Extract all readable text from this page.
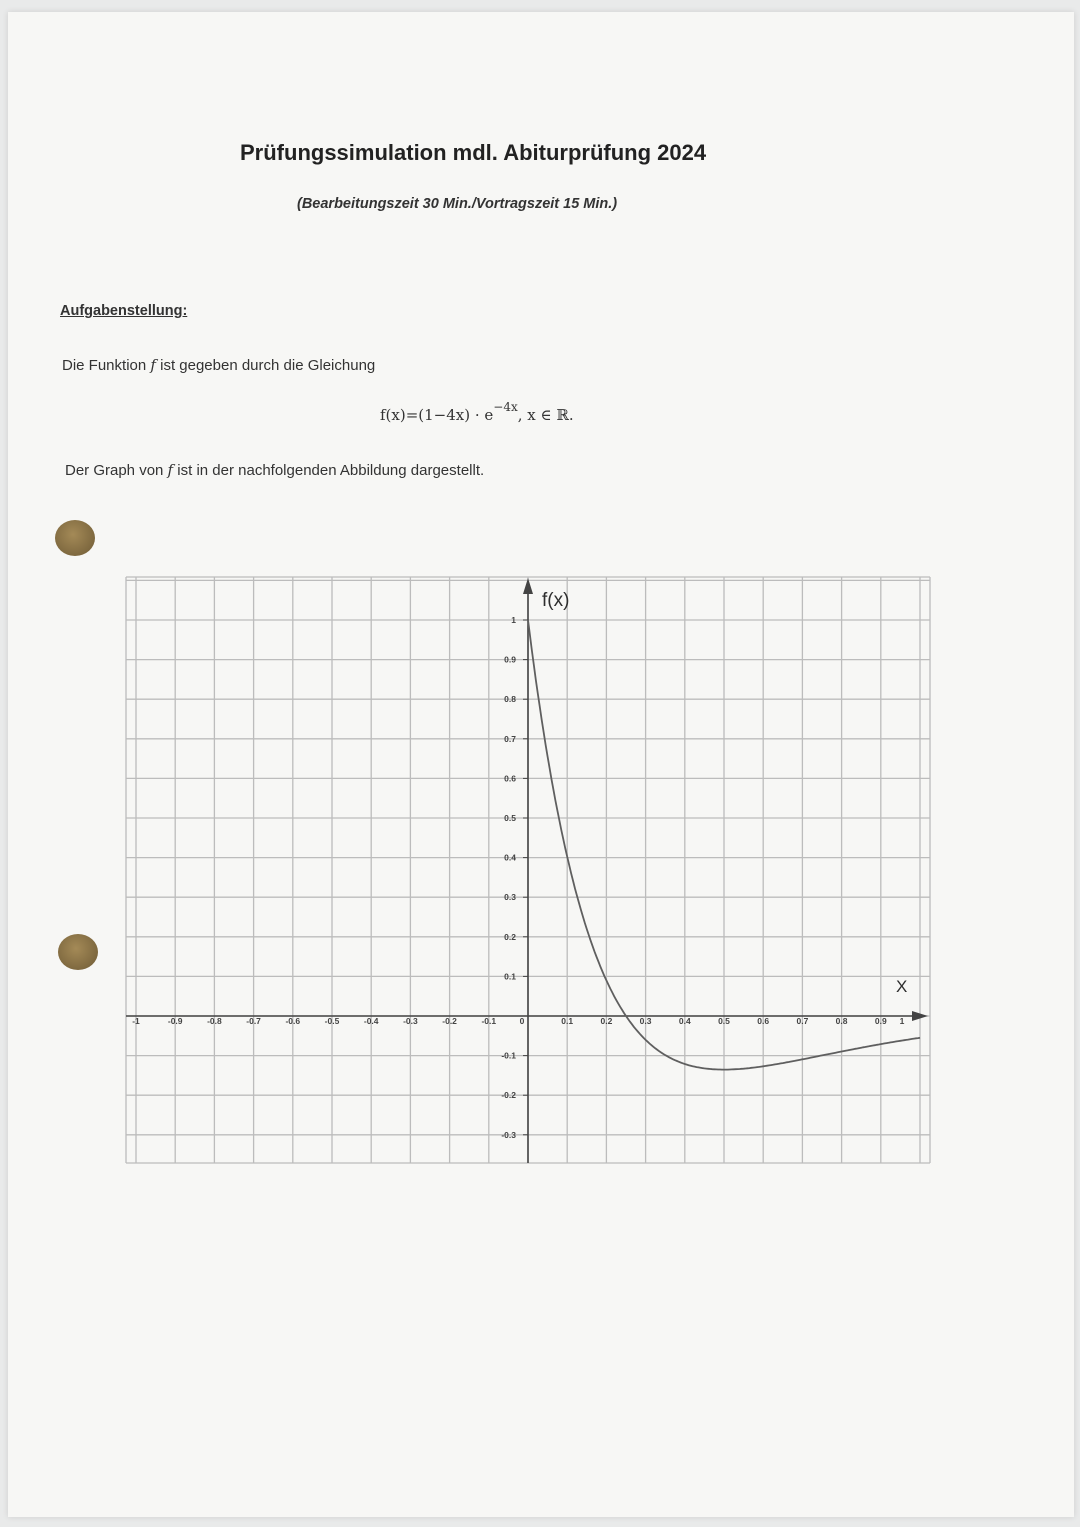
Prüfungssimulation mdl. Abiturprüfung 2024
(Bearbeitungszeit 30 Min./Vortragszeit 15 Min.)
Aufgabenstellung:
Die Funktion f ist gegeben durch die Gleichung
$f(x)=(1-4x) \cdot e^{-4x}$, x ∈ ℝ.
Der Graph von f ist in der nachfolgenden Abbildung dargestellt.
-1	-0.9	-0.8	-0.7	-0.6	-0.5	-0.4	-0.3	-0.2	-0.1	0	0.1	0.2	0.3	0.4	0.5	0.6	0.7	0.8	0.9 1
1
0.9
0.8
0.7
0.6
0.5
0.4
0.3
0.2
0.1
-0.1
-0.2
-0.3
f(x)
X
